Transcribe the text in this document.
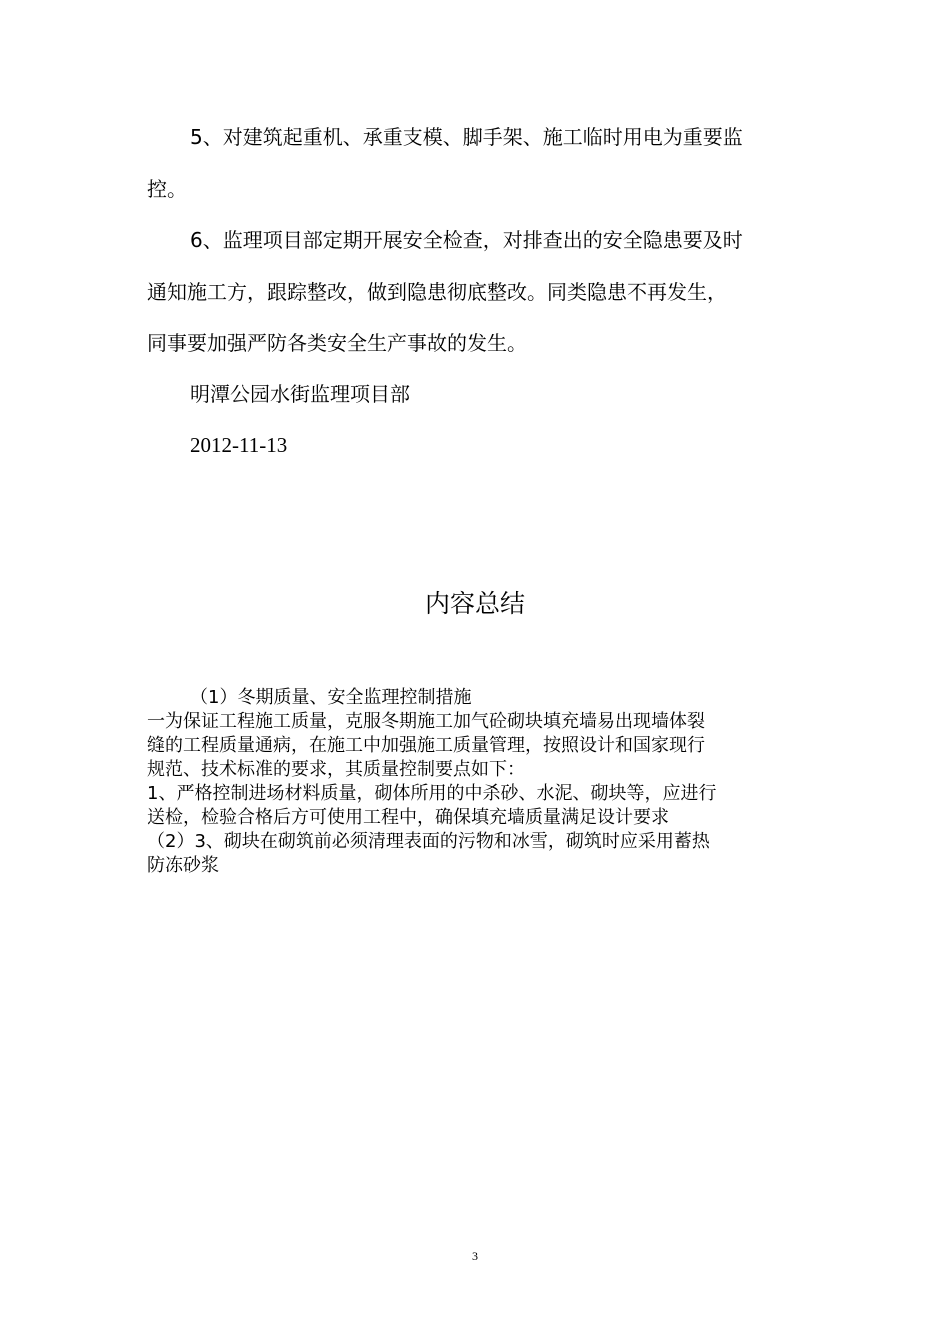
5、对建筑起重机、承重支模、脚手架、施工临时用电为重要监
控。
6、监理项目部定期开展安全检查，对排查出的安全隐患要及时
通知施工方，跟踪整改，做到隐患彻底整改。同类隐患不再发生，
同事要加强严防各类安全生产事故的发生。
明潭公园水街监理项目部
2012-11-13
内容总结
（1）冬期质量、安全监理控制措施
一为保证工程施工质量，克服冬期施工加气砼砌块填充墙易出现墙体裂
缝的工程质量通病，在施工中加强施工质量管理，按照设计和国家现行
规范、技术标准的要求，其质量控制要点如下：
1、严格控制进场材料质量，砌体所用的中杀砂、水泥、砌块等，应进行
送检，检验合格后方可使用工程中，确保填充墙质量满足设计要求
（2）3、砌块在砌筑前必须清理表面的污物和冰雪，砌筑时应采用蓄热
防冻砂浆
3
